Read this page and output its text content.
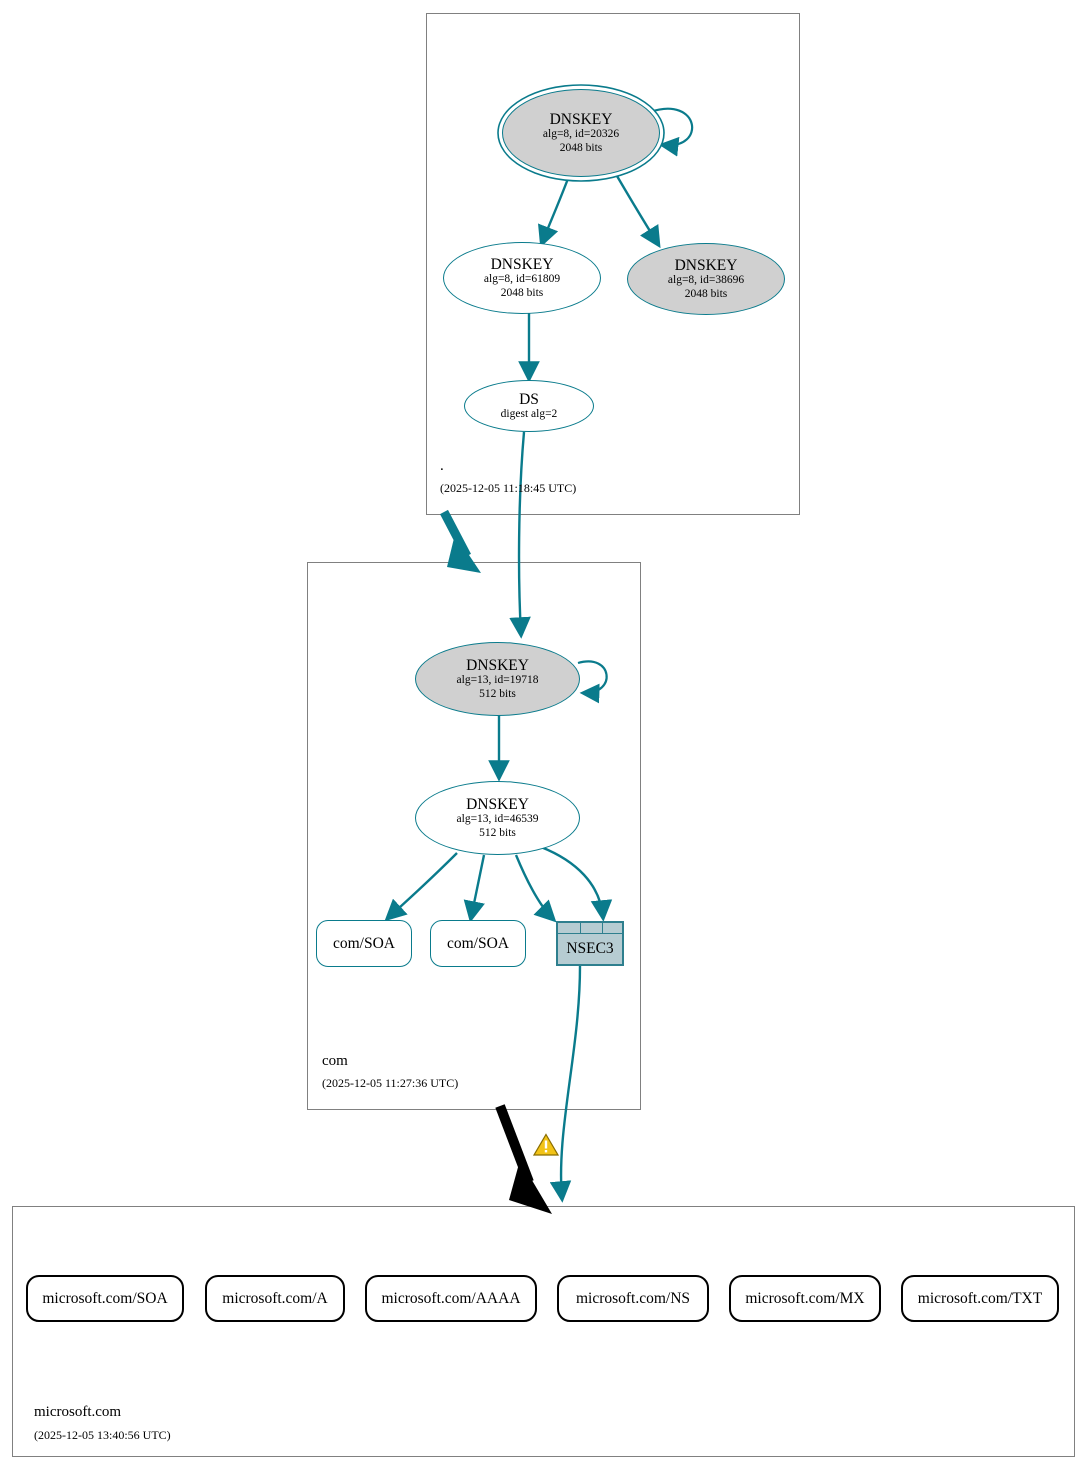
DNSKEY
alg=8, id=20326
2048 bits
DNSKEY
alg=8, id=61809
2048 bits
DNSKEY
alg=8, id=38696
2048 bits
DS
digest alg=2
.
(2025-12-05 11:18:45 UTC)
DNSKEY
alg=13, id=19718
512 bits
DNSKEY
alg=13, id=46539
512 bits
com/SOA	com/SOA	NSEC3
com
(2025-12-05 11:27:36 UTC)
microsoft.com/SOA	microsoft.com/A	microsoft.com/AAAA	microsoft.com/NS	microsoft.com/MX	microsoft.com/TXT
microsoft.com
(2025-12-05 13:40:56 UTC)
